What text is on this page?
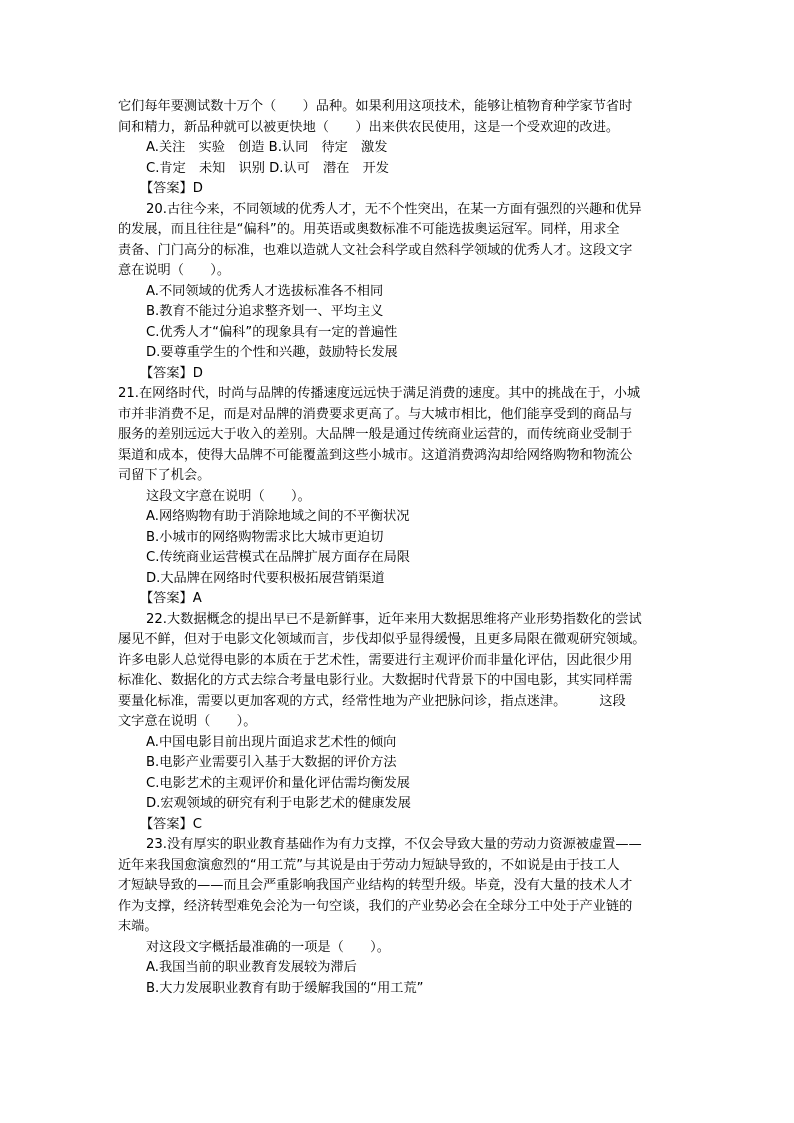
它们每年要测试数十万个（　　）品种。如果利用这项技术，能够让植物育种学家节省时
间和精力，新品种就可以被更快地（　　）出来供农民使用，这是一个受欢迎的改进。
A.关注　实验　创造 B.认同　待定　激发
C.肯定　未知　识别 D.认可　潜在　开发
【答案】D
20.古往今来，不同领域的优秀人才，无不个性突出，在某一方面有强烈的兴趣和优异
的发展，而且往往是“偏科”的。用英语或奥数标准不可能选拔奥运冠军。同样，用求全
责备、门门高分的标准，也难以造就人文社会科学或自然科学领域的优秀人才。这段文字
意在说明（　　）。
A.不同领域的优秀人才选拔标准各不相同
B.教育不能过分追求整齐划一、平均主义
C.优秀人才“偏科”的现象具有一定的普遍性
D.要尊重学生的个性和兴趣，鼓励特长发展
【答案】D
21.在网络时代，时尚与品牌的传播速度远远快于满足消费的速度。其中的挑战在于，小城
市并非消费不足，而是对品牌的消费要求更高了。与大城市相比，他们能享受到的商品与
服务的差别远远大于收入的差别。大品牌一般是通过传统商业运营的，而传统商业受制于
渠道和成本，使得大品牌不可能覆盖到这些小城市。这道消费鸿沟却给网络购物和物流公
司留下了机会。
这段文字意在说明（　　）。
A.网络购物有助于消除地域之间的不平衡状况
B.小城市的网络购物需求比大城市更迫切
C.传统商业运营模式在品牌扩展方面存在局限
D.大品牌在网络时代要积极拓展营销渠道
【答案】A
22.大数据概念的提出早已不是新鲜事，近年来用大数据思维将产业形势指数化的尝试
屡见不鲜，但对于电影文化领域而言，步伐却似乎显得缓慢，且更多局限在微观研究领域。
许多电影人总觉得电影的本质在于艺术性，需要进行主观评价而非量化评估，因此很少用
标准化、数据化的方式去综合考量电影行业。大数据时代背景下的中国电影，其实同样需
要量化标准，需要以更加客观的方式，经常性地为产业把脉问诊，指点迷津。　　　这段
文字意在说明（　　）。
A.中国电影目前出现片面追求艺术性的倾向
B.电影产业需要引入基于大数据的评价方法
C.电影艺术的主观评价和量化评估需均衡发展
D.宏观领域的研究有利于电影艺术的健康发展
【答案】C
23.没有厚实的职业教育基础作为有力支撑，不仅会导致大量的劳动力资源被虚置——
近年来我国愈演愈烈的“用工荒”与其说是由于劳动力短缺导致的，不如说是由于技工人
才短缺导致的——而且会严重影响我国产业结构的转型升级。毕竟，没有大量的技术人才
作为支撑，经济转型难免会沦为一句空谈，我们的产业势必会在全球分工中处于产业链的
末端。
对这段文字概括最准确的一项是（　　）。
A.我国当前的职业教育发展较为滞后
B.大力发展职业教育有助于缓解我国的“用工荒”
